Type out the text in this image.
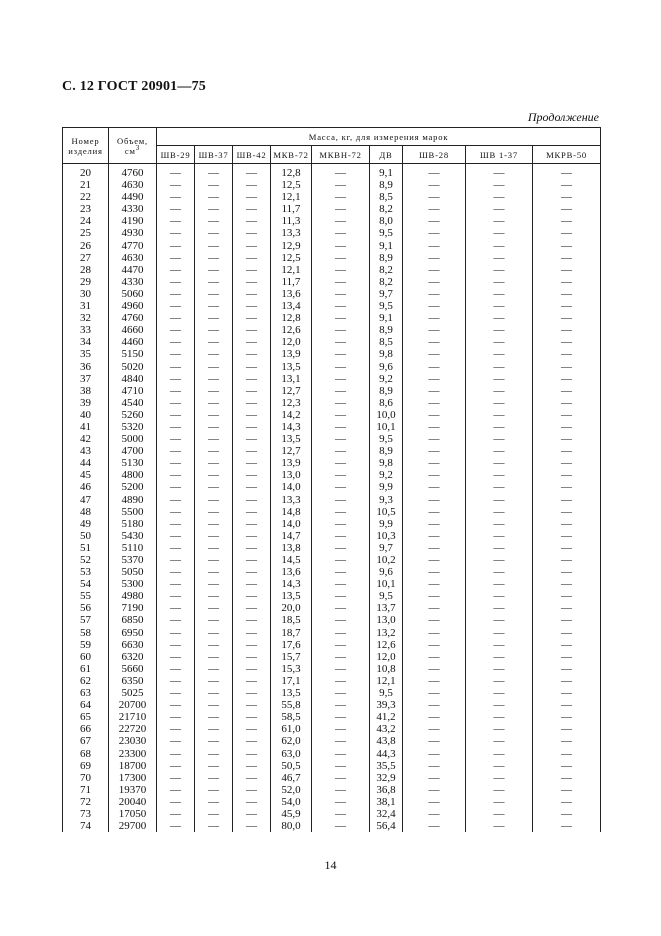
С. 12 ГОСТ 20901—75
Продолжение
Номер изделия	Объем, $см^3$	Масса, кг, для измерения марок								
		ШВ-29	ШВ-37	ШВ-42	МКВ-72	МКВН-72	ДВ	ШВ-28	ШВ 1-37	МКРВ-50
20	4760	—	—	—	12,8	—	9,1	—	—	—
21	4630	—	—	—	12,5	—	8,9	—	—	—
22	4490	—	—	—	12,1	—	8,5	—	—	—
23	4330	—	—	—	11,7	—	8,2	—	—	—
24	4190	—	—	—	11,3	—	8,0	—	—	—
25	4930	—	—	—	13,3	—	9,5	—	—	—
26	4770	—	—	—	12,9	—	9,1	—	—	—
27	4630	—	—	—	12,5	—	8,9	—	—	—
28	4470	—	—	—	12,1	—	8,2	—	—	—
29	4330	—	—	—	11,7	—	8,2	—	—	—
30	5060	—	—	—	13,6	—	9,7	—	—	—
31	4960	—	—	—	13,4	—	9,5	—	—	—
32	4760	—	—	—	12,8	—	9,1	—	—	—
33	4660	—	—	—	12,6	—	8,9	—	—	—
34	4460	—	—	—	12,0	—	8,5	—	—	—
35	5150	—	—	—	13,9	—	9,8	—	—	—
36	5020	—	—	—	13,5	—	9,6	—	—	—
37	4840	—	—	—	13,1	—	9,2	—	—	—
38	4710	—	—	—	12,7	—	8,9	—	—	—
39	4540	—	—	—	12,3	—	8,6	—	—	—
40	5260	—	—	—	14,2	—	10,0	—	—	—
41	5320	—	—	—	14,3	—	10,1	—	—	—
42	5000	—	—	—	13,5	—	9,5	—	—	—
43	4700	—	—	—	12,7	—	8,9	—	—	—
44	5130	—	—	—	13,9	—	9,8	—	—	—
45	4800	—	—	—	13,0	—	9,2	—	—	—
46	5200	—	—	—	14,0	—	9,9	—	—	—
47	4890	—	—	—	13,3	—	9,3	—	—	—
48	5500	—	—	—	14,8	—	10,5	—	—	—
49	5180	—	—	—	14,0	—	9,9	—	—	—
50	5430	—	—	—	14,7	—	10,3	—	—	—
51	5110	—	—	—	13,8	—	9,7	—	—	—
52	5370	—	—	—	14,5	—	10,2	—	—	—
53	5050	—	—	—	13,6	—	9,6	—	—	—
54	5300	—	—	—	14,3	—	10,1	—	—	—
55	4980	—	—	—	13,5	—	9,5	—	—	—
56	7190	—	—	—	20,0	—	13,7	—	—	—
57	6850	—	—	—	18,5	—	13,0	—	—	—
58	6950	—	—	—	18,7	—	13,2	—	—	—
59	6630	—	—	—	17,6	—	12,6	—	—	—
60	6320	—	—	—	15,7	—	12,0	—	—	—
61	5660	—	—	—	15,3	—	10,8	—	—	—
62	6350	—	—	—	17,1	—	12,1	—	—	—
63	5025	—	—	—	13,5	—	9,5	—	—	—
64	20700	—	—	—	55,8	—	39,3	—	—	—
65	21710	—	—	—	58,5	—	41,2	—	—	—
66	22720	—	—	—	61,0	—	43,2	—	—	—
67	23030	—	—	—	62,0	—	43,8	—	—	—
68	23300	—	—	—	63,0	—	44,3	—	—	—
69	18700	—	—	—	50,5	—	35,5	—	—	—
70	17300	—	—	—	46,7	—	32,9	—	—	—
71	19370	—	—	—	52,0	—	36,8	—	—	—
72	20040	—	—	—	54,0	—	38,1	—	—	—
73	17050	—	—	—	45,9	—	32,4	—	—	—
74	29700	—	—	—	80,0	—	56,4	—	—	—
14
